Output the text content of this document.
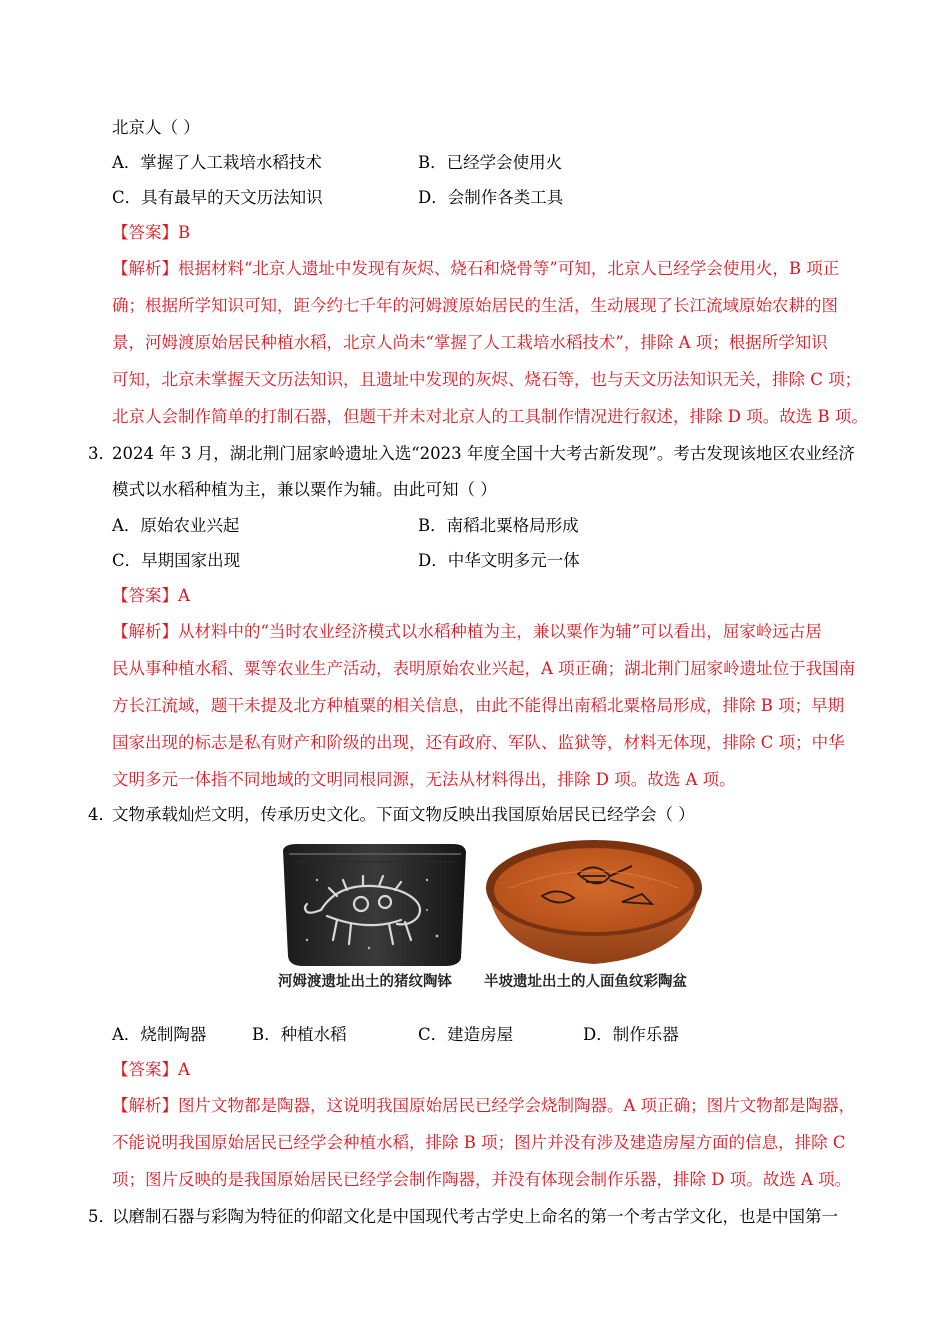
北京人（ ）
A．掌握了人工栽培水稻技术	B．已经学会使用火
C．具有最早的天文历法知识	D．会制作各类工具
【答案】B
【解析】根据材料“北京人遗址中发现有灰烬、烧石和烧骨等”可知，北京人已经学会使用火，B 项正
确；根据所学知识可知，距今约七千年的河姆渡原始居民的生活，生动展现了长江流域原始农耕的图
景，河姆渡原始居民种植水稻，北京人尚未“掌握了人工栽培水稻技术”，排除 A 项；根据所学知识
可知，北京未掌握天文历法知识，且遗址中发现的灰烬、烧石等，也与天文历法知识无关，排除 C 项；
北京人会制作简单的打制石器，但题干并未对北京人的工具制作情况进行叙述，排除 D 项。故选 B 项。
3．
2024 年 3 月，湖北荆门屈家岭遗址入选“2023 年度全国十大考古新发现”。考古发现该地区农业经济
模式以水稻种植为主，兼以粟作为辅。由此可知（ ）
A．原始农业兴起	B．南稻北粟格局形成
C．早期国家出现	D．中华文明多元一体
【答案】A
【解析】从材料中的“当时农业经济模式以水稻种植为主，兼以粟作为辅”可以看出，屈家岭远古居
民从事种植水稻、粟等农业生产活动，表明原始农业兴起，A 项正确；湖北荆门屈家岭遗址位于我国南
方长江流域，题干未提及北方种植粟的相关信息，由此不能得出南稻北粟格局形成，排除 B 项；早期
国家出现的标志是私有财产和阶级的出现，还有政府、军队、监狱等，材料无体现，排除 C 项；中华
文明多元一体指不同地域的文明同根同源，无法从材料得出，排除 D 项。故选 A 项。
4．
文物承载灿烂文明，传承历史文化。下面文物反映出我国原始居民已经学会（ ）
河姆渡遗址出土的猪纹陶钵 半坡遗址出土的人面鱼纹彩陶盆
A．烧制陶器	B．种植水稻	C．建造房屋	D．制作乐器
【答案】A
【解析】图片文物都是陶器，这说明我国原始居民已经学会烧制陶器。A 项正确；图片文物都是陶器，
不能说明我国原始居民已经学会种植水稻，排除 B 项；图片并没有涉及建造房屋方面的信息，排除 C
项；图片反映的是我国原始居民已经学会制作陶器，并没有体现会制作乐器，排除 D 项。故选 A 项。
5．
以磨制石器与彩陶为特征的仰韶文化是中国现代考古学史上命名的第一个考古学文化，也是中国第一
